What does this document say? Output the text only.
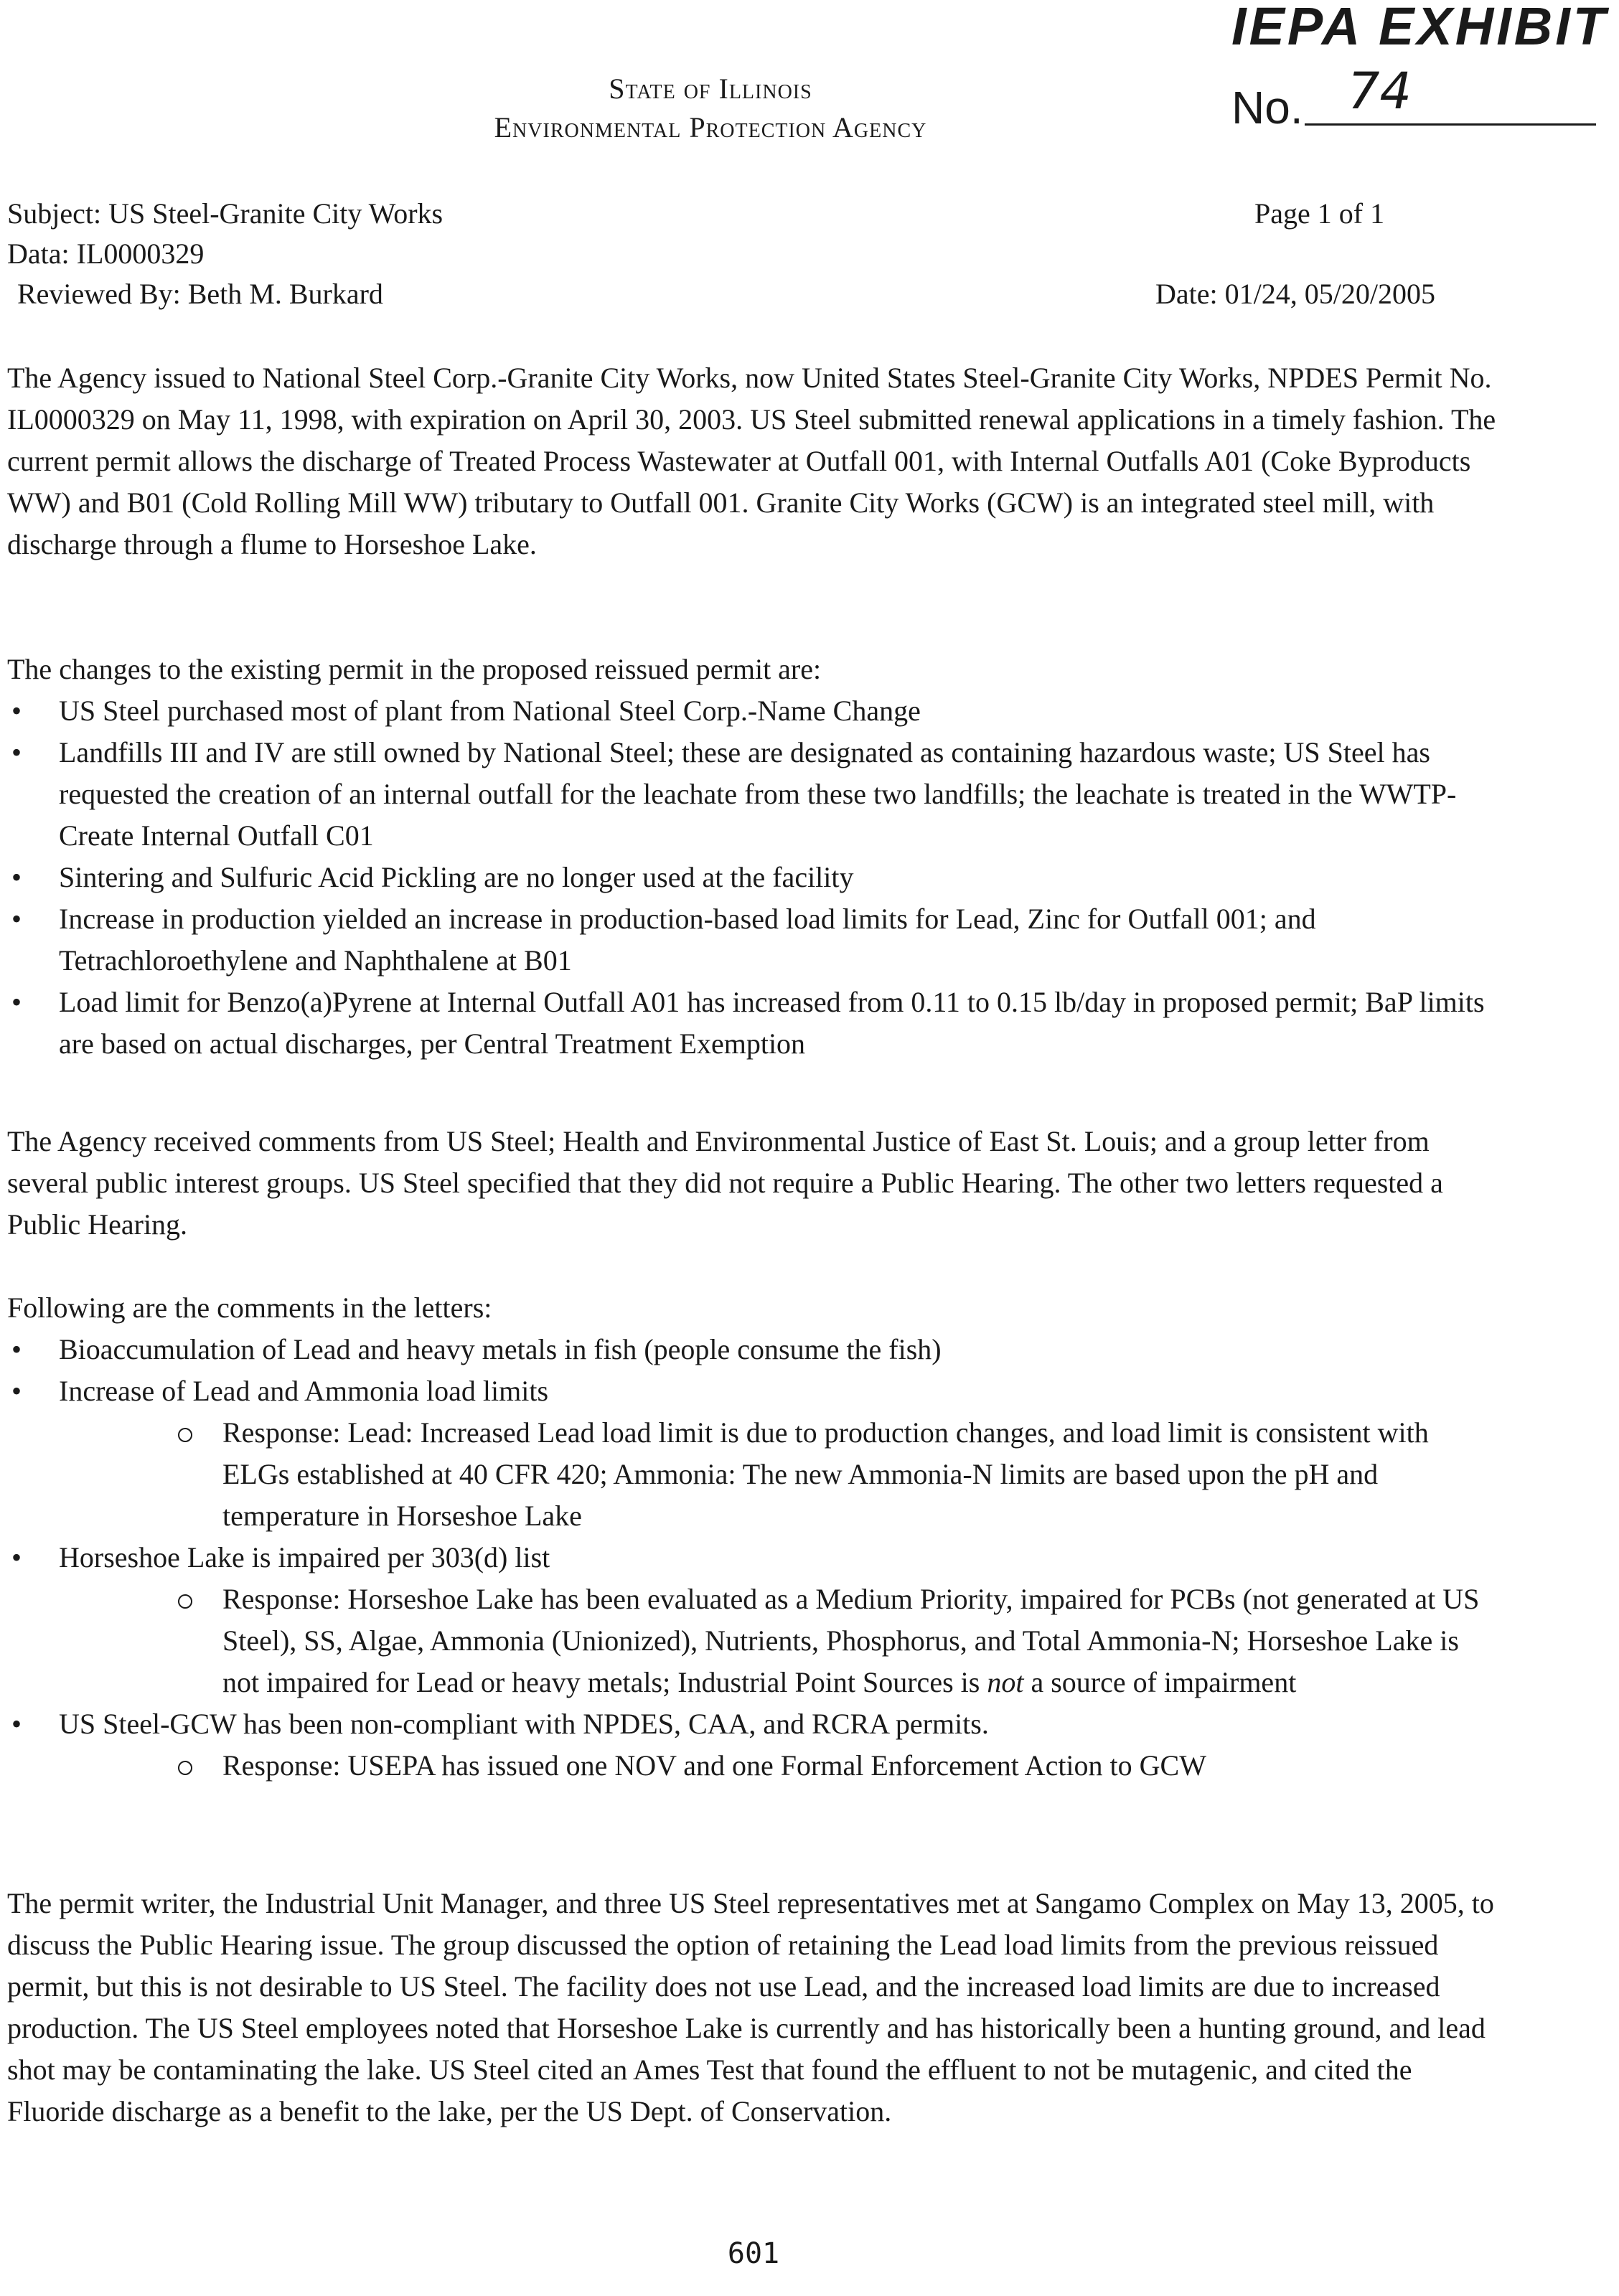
IEPA EXHIBIT
No. 74
State of Illinois
Environmental Protection Agency
Subject: US Steel-Granite City Works
Data: IL0000329
Reviewed By: Beth M. Burkard
Page 1 of 1
Date: 01/24, 05/20/2005
The Agency issued to National Steel Corp.-Granite City Works, now United States Steel-Granite City Works, NPDES Permit No. IL0000329 on May 11, 1998, with expiration on April 30, 2003. US Steel submitted renewal applications in a timely fashion. The current permit allows the discharge of Treated Process Wastewater at Outfall 001, with Internal Outfalls A01 (Coke Byproducts WW) and B01 (Cold Rolling Mill WW) tributary to Outfall 001. Granite City Works (GCW) is an integrated steel mill, with discharge through a flume to Horseshoe Lake.
The changes to the existing permit in the proposed reissued permit are:
• US Steel purchased most of plant from National Steel Corp.-Name Change
• Landfills III and IV are still owned by National Steel; these are designated as containing hazardous waste; US Steel has requested the creation of an internal outfall for the leachate from these two landfills; the leachate is treated in the WWTP-Create Internal Outfall C01
• Sintering and Sulfuric Acid Pickling are no longer used at the facility
• Increase in production yielded an increase in production-based load limits for Lead, Zinc for Outfall 001; and Tetrachloroethylene and Naphthalene at B01
• Load limit for Benzo(a)Pyrene at Internal Outfall A01 has increased from 0.11 to 0.15 lb/day in proposed permit; BaP limits are based on actual discharges, per Central Treatment Exemption
The Agency received comments from US Steel; Health and Environmental Justice of East St. Louis; and a group letter from several public interest groups. US Steel specified that they did not require a Public Hearing. The other two letters requested a Public Hearing.
Following are the comments in the letters:
• Bioaccumulation of Lead and heavy metals in fish (people consume the fish)
• Increase of Lead and Ammonia load limits
Response: Lead: Increased Lead load limit is due to production changes, and load limit is consistent with ELGs established at 40 CFR 420; Ammonia: The new Ammonia-N limits are based upon the pH and temperature in Horseshoe Lake
• Horseshoe Lake is impaired per 303(d) list
Response: Horseshoe Lake has been evaluated as a Medium Priority, impaired for PCBs (not generated at US Steel), SS, Algae, Ammonia (Unionized), Nutrients, Phosphorus, and Total Ammonia-N; Horseshoe Lake is not impaired for Lead or heavy metals; Industrial Point Sources is not a source of impairment
• US Steel-GCW has been non-compliant with NPDES, CAA, and RCRA permits.
Response: USEPA has issued one NOV and one Formal Enforcement Action to GCW
The permit writer, the Industrial Unit Manager, and three US Steel representatives met at Sangamo Complex on May 13, 2005, to discuss the Public Hearing issue. The group discussed the option of retaining the Lead load limits from the previous reissued permit, but this is not desirable to US Steel. The facility does not use Lead, and the increased load limits are due to increased production. The US Steel employees noted that Horseshoe Lake is currently and has historically been a hunting ground, and lead shot may be contaminating the lake. US Steel cited an Ames Test that found the effluent to not be mutagenic, and cited the Fluoride discharge as a benefit to the lake, per the US Dept. of Conservation.
601
